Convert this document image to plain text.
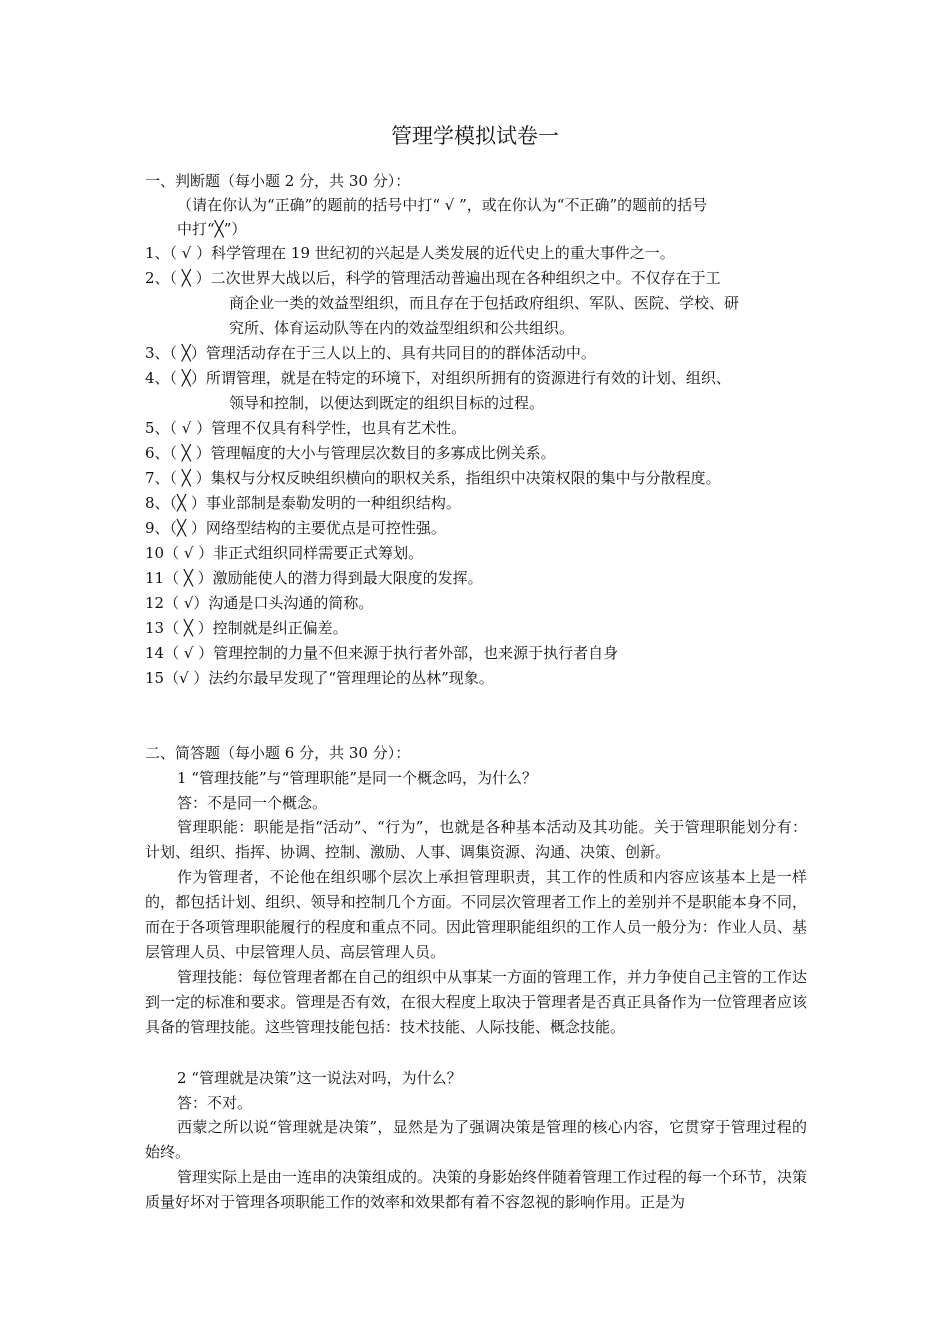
管理学模拟试卷一
一、判断题（每小题 2 分，共 30 分）：
（请在你认为“正确”的题前的括号中打“ √ ”，或在你认为“不正确”的题前的括号
中打“╳”）
1、（ √ ）科学管理在 19 世纪初的兴起是人类发展的近代史上的重大事件之一。
2、（ ╳ ）二次世界大战以后，科学的管理活动普遍出现在各种组织之中。不仅存在于工
商企业一类的效益型组织，而且存在于包括政府组织、军队、医院、学校、研
究所、体育运动队等在内的效益型组织和公共组织。
3、（ ╳）管理活动存在于三人以上的、具有共同目的的群体活动中。
4、（ ╳）所谓管理，就是在特定的环境下，对组织所拥有的资源进行有效的计划、组织、
领导和控制，以便达到既定的组织目标的过程。
5、（ √ ）管理不仅具有科学性，也具有艺术性。
6、（ ╳ ）管理幅度的大小与管理层次数目的多寡成比例关系。
7、（ ╳ ）集权与分权反映组织横向的职权关系，指组织中决策权限的集中与分散程度。
8、（╳ ）事业部制是泰勒发明的一种组织结构。
9、（╳ ）网络型结构的主要优点是可控性强。
10（ √ ）非正式组织同样需要正式筹划。
11（ ╳ ）激励能使人的潜力得到最大限度的发挥。
12（ √）沟通是口头沟通的简称。
13（ ╳ ）控制就是纠正偏差。
14（ √ ）管理控制的力量不但来源于执行者外部，也来源于执行者自身
15（√ ）法约尔最早发现了“管理理论的丛林”现象。
二、简答题（每小题 6 分，共 30 分）：
1 “管理技能”与“管理职能”是同一个概念吗，为什么？
答：不是同一个概念。
管理职能：职能是指“活动”、“行为”，也就是各种基本活动及其功能。关于管理职能划分有：计划、组织、指挥、协调、控制、激励、人事、调集资源、沟通、决策、创新。
作为管理者，不论他在组织哪个层次上承担管理职责，其工作的性质和内容应该基本上是一样的，都包括计划、组织、领导和控制几个方面。不同层次管理者工作上的差别并不是职能本身不同，而在于各项管理职能履行的程度和重点不同。因此管理职能组织的工作人员一般分为：作业人员、基层管理人员、中层管理人员、高层管理人员。
管理技能：每位管理者都在自己的组织中从事某一方面的管理工作，并力争使自己主管的工作达到一定的标准和要求。管理是否有效，在很大程度上取决于管理者是否真正具备作为一位管理者应该具备的管理技能。这些管理技能包括：技术技能、人际技能、概念技能。
2 “管理就是决策”这一说法对吗，为什么？
答：不对。
西蒙之所以说“管理就是决策”，显然是为了强调决策是管理的核心内容，它贯穿于管理过程的始终。
管理实际上是由一连串的决策组成的。决策的身影始终伴随着管理工作过程的每一个环节，决策质量好坏对于管理各项职能工作的效率和效果都有着不容忽视的影响作用。正是为
